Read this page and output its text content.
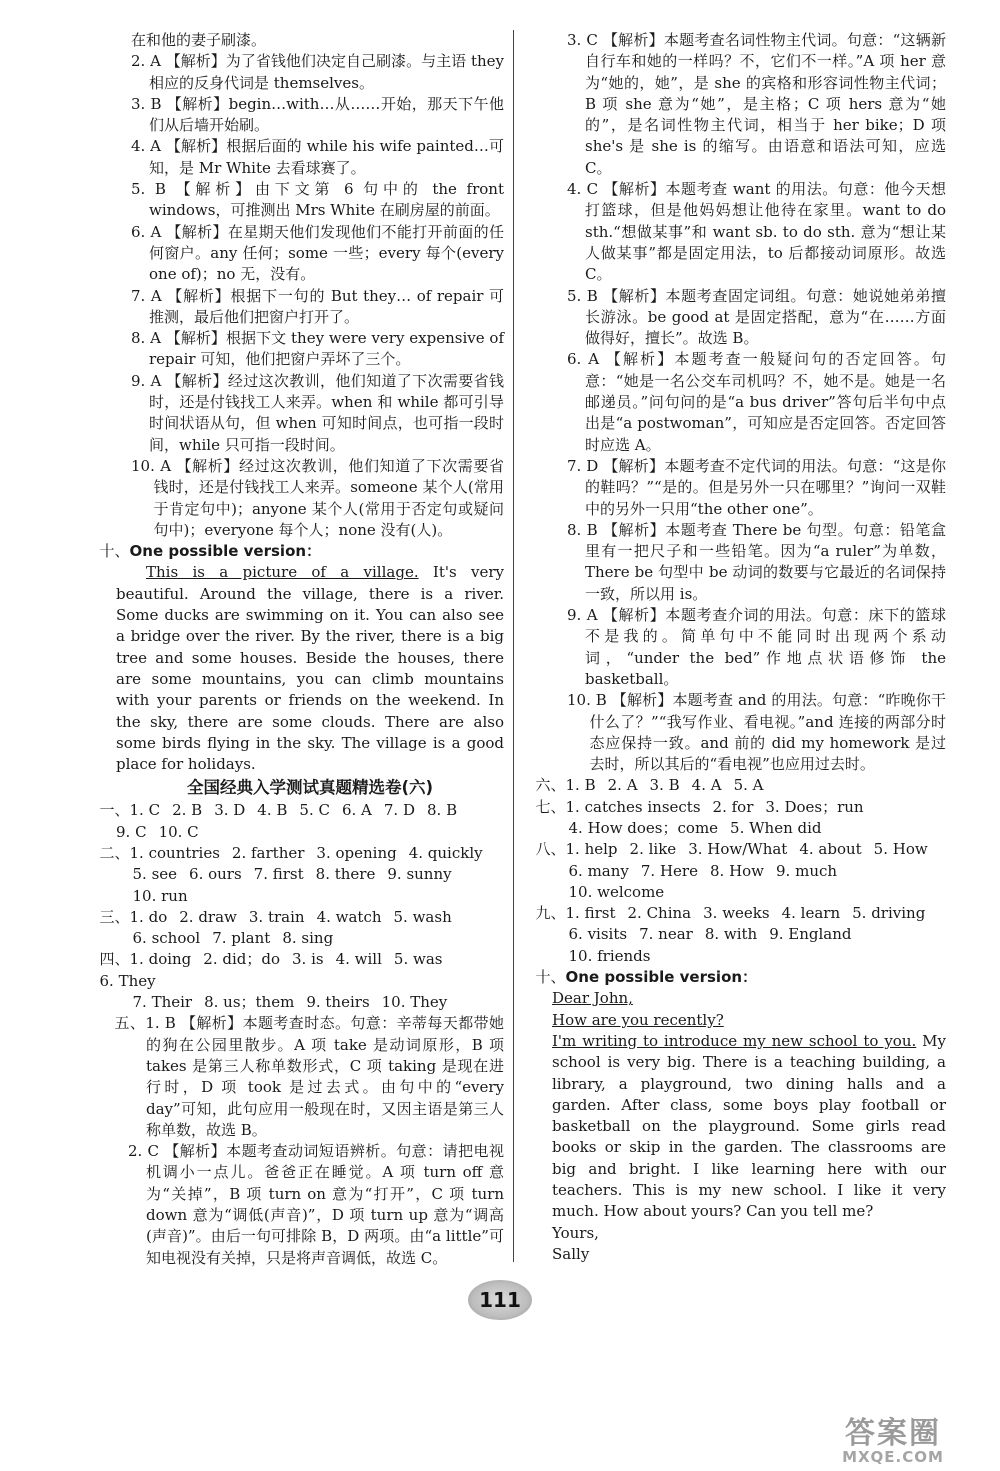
在和他的妻子刷漆。

2. A 【解析】为了省钱他们决定自己刷漆。与主语 they 相应的反身代词是 themselves。

3. B 【解析】begin…with…从……开始，那天下午他们从后墙开始刷。

4. A 【解析】根据后面的 while his wife painted…可知，是 Mr White 去看球赛了。

5. B 【解析】由下文第 6 句中的 the front windows，可推测出 Mrs White 在刷房屋的前面。

6. A 【解析】在星期天他们发现他们不能打开前面的任何窗户。any 任何；some 一些；every 每个(every one of)；no 无，没有。

7. A 【解析】根据下一句的 But they… of repair 可推测，最后他们把窗户打开了。

8. A 【解析】根据下文 they were very expensive of repair 可知，他们把窗户弄坏了三个。

9. A 【解析】经过这次教训，他们知道了下次需要省钱时，还是付钱找工人来弄。when 和 while 都可引导时间状语从句，但 when 可知时间点，也可指一段时间，while 只可指一段时间。

10. A 【解析】经过这次教训，他们知道了下次需要省钱时，还是付钱找工人来弄。someone 某个人(常用于肯定句中)；anyone 某个人(常用于否定句或疑问句中)；everyone 每个人；none 没有(人)。

十、One possible version：

This is a picture of a village. It's very beautiful. Around the village, there is a river. Some ducks are swimming on it. You can also see a bridge over the river. By the river, there is a big tree and some houses. Beside the houses, there are some mountains, you can climb mountains with your parents or friends on the weekend. In the sky, there are some clouds. There are also some birds flying in the sky. The village is a good place for holidays.

全国经典入学测试真题精选卷(六)
一、 1. C 2. B 3. D 4. B 5. C 6. A 7. D 8. B
9. C 10. C
二、 1. countries 2. farther 3. opening 4. quickly
5. see 6. ours 7. first 8. there 9. sunny
10. run
三、 1. do 2. draw 3. train 4. watch 5. wash
6. school 7. plant 8. sing
四、 1. doing 2. did；do 3. is 4. will 5. was
6. They
7. Their 8. us；them 9. theirs 10. They

五、1. B 【解析】本题考查时态。句意：辛蒂每天都带她的狗在公园里散步。A 项 take 是动词原形，B 项 takes 是第三人称单数形式，C 项 taking 是现在进行时，D 项 took 是过去式。由句中的“every day”可知，此句应用一般现在时，又因主语是第三人称单数，故选 B。

2. C 【解析】本题考查动词短语辨析。句意：请把电视机调小一点儿。爸爸正在睡觉。A 项 turn off 意为“关掉”，B 项 turn on 意为“打开”，C 项 turn down 意为“调低(声音)”，D 项 turn up 意为“调高(声音)”。由后一句可排除 B，D 两项。由“a little”可知电视没有关掉，只是将声音调低，故选 C。

3. C 【解析】本题考查名词性物主代词。句意：“这辆新自行车和她的一样吗？不，它们不一样。”A 项 her 意为“她的，她”，是 she 的宾格和形容词性物主代词；B 项 she 意为“她”，是主格；C 项 hers 意为“她的”，是名词性物主代词，相当于 her bike；D 项 she's 是 she is 的缩写。由语意和语法可知，应选 C。

4. C 【解析】本题考查 want 的用法。句意：他今天想打篮球，但是他妈妈想让他待在家里。want to do sth.“想做某事”和 want sb. to do sth. 意为“想让某人做某事”都是固定用法，to 后都接动词原形。故选 C。

5. B 【解析】本题考查固定词组。句意：她说她弟弟擅长游泳。be good at 是固定搭配，意为“在……方面做得好，擅长”。故选 B。

6. A 【解析】本题考查一般疑问句的否定回答。句意：“她是一名公交车司机吗？不，她不是。她是一名邮递员。”问句问的是“a bus driver”答句后半句中点出是“a postwoman”，可知应是否定回答。否定回答时应选 A。

7. D 【解析】本题考查不定代词的用法。句意：“这是你的鞋吗？”“是的。但是另外一只在哪里？”询问一双鞋中的另外一只用“the other one”。

8. B 【解析】本题考查 There be 句型。句意：铅笔盒里有一把尺子和一些铅笔。因为“a ruler”为单数，There be 句型中 be 动词的数要与它最近的名词保持一致，所以用 is。

9. A 【解析】本题考查介词的用法。句意：床下的篮球不是我的。简单句中不能同时出现两个系动词，“under the bed”作地点状语修饰 the basketball。

10. B 【解析】本题考查 and 的用法。句意：“昨晚你干什么了？”“我写作业、看电视。”and 连接的两部分时态应保持一致。and 前的 did my homework 是过去时，所以其后的“看电视”也应用过去时。

六、 1. B 2. A 3. B 4. A 5. A
七、 1. catches insects 2. for 3. Does；run
4. How does；come 5. When did
八、 1. help 2. like 3. How/What 4. about 5. How
6. many 7. Here 8. How 9. much
10. welcome
九、 1. first 2. China 3. weeks 4. learn 5. driving
6. visits 7. near 8. with 9. England
10. friends
十、One possible version：

Dear John,

How are you recently?

I'm writing to introduce my new school to you. My school is very big. There is a teaching building, a library, a playground, two dining halls and a garden. After class, some boys play football or basketball on the playground. Some girls read books or skip in the garden. The classrooms are big and bright. I like learning here with our teachers. This is my new school. I like it very much. How about yours? Can you tell me?

Yours,

Sally

111
答案圈
MXQE.COM
